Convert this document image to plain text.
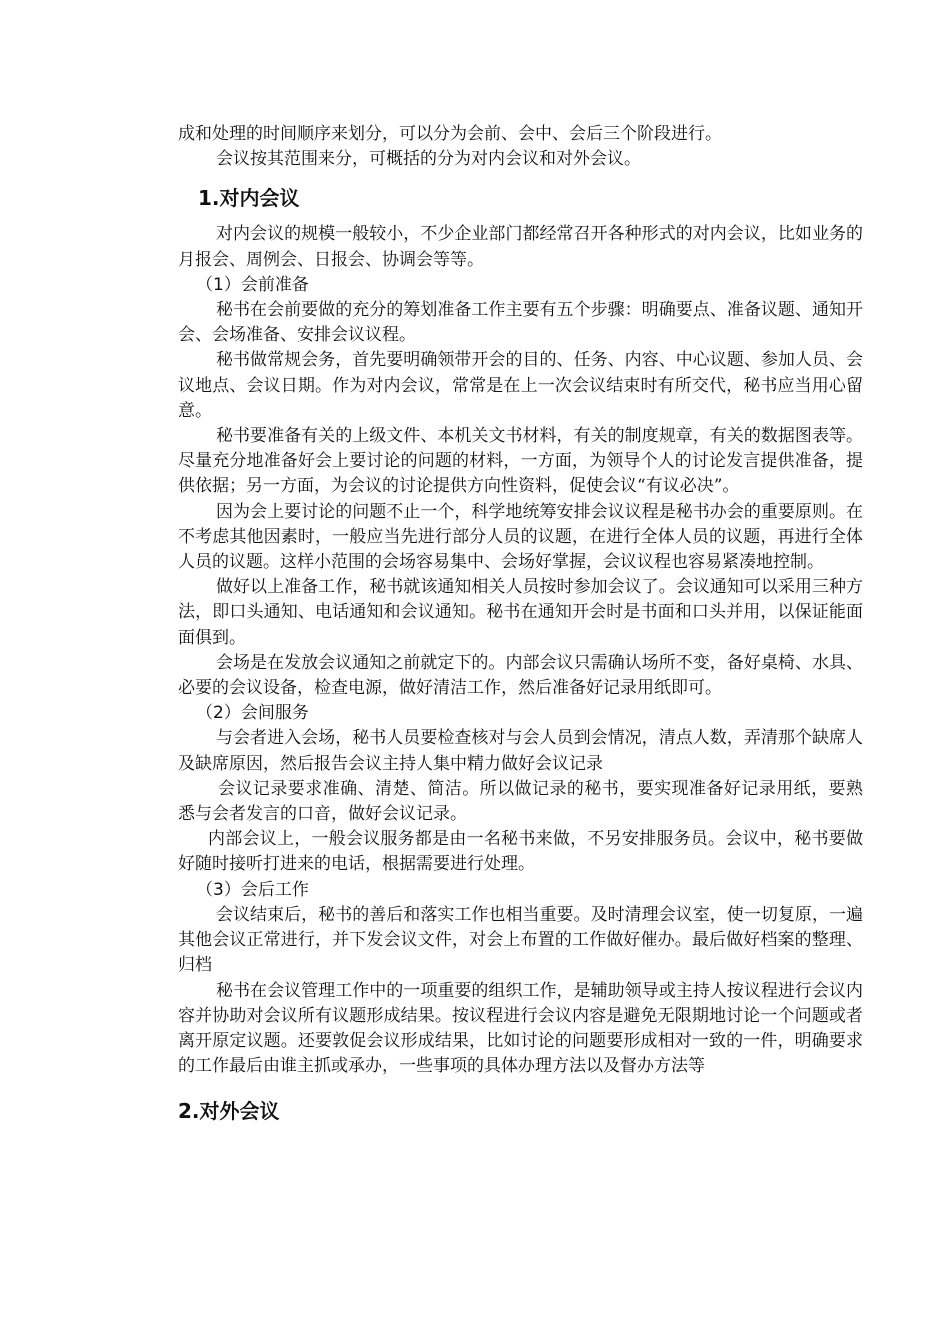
成和处理的时间顺序来划分，可以分为会前、会中、会后三个阶段进行。

会议按其范围来分，可概括的分为对内会议和对外会议。

1.对内会议

对内会议的规模一般较小，不少企业部门都经常召开各种形式的对内会议，比如业务的月报会、周例会、日报会、协调会等等。

（1）会前准备

秘书在会前要做的充分的筹划准备工作主要有五个步骤：明确要点、准备议题、通知开会、会场准备、安排会议议程。

秘书做常规会务，首先要明确领带开会的目的、任务、内容、中心议题、参加人员、会议地点、会议日期。作为对内会议，常常是在上一次会议结束时有所交代，秘书应当用心留意。

秘书要准备有关的上级文件、本机关文书材料，有关的制度规章，有关的数据图表等。尽量充分地准备好会上要讨论的问题的材料，一方面，为领导个人的讨论发言提供准备，提供依据；另一方面，为会议的讨论提供方向性资料，促使会议“有议必决”。

因为会上要讨论的问题不止一个，科学地统筹安排会议议程是秘书办会的重要原则。在不考虑其他因素时，一般应当先进行部分人员的议题，在进行全体人员的议题，再进行全体人员的议题。这样小范围的会场容易集中、会场好掌握，会议议程也容易紧凑地控制。

做好以上准备工作，秘书就该通知相关人员按时参加会议了。会议通知可以采用三种方法，即口头通知、电话通知和会议通知。秘书在通知开会时是书面和口头并用，以保证能面面俱到。

会场是在发放会议通知之前就定下的。内部会议只需确认场所不变，备好桌椅、水具、必要的会议设备，检查电源，做好清洁工作，然后准备好记录用纸即可。

（2）会间服务

与会者进入会场，秘书人员要检查核对与会人员到会情况，清点人数，弄清那个缺席人及缺席原因，然后报告会议主持人集中精力做好会议记录

会议记录要求准确、清楚、简洁。所以做记录的秘书，要实现准备好记录用纸，要熟悉与会者发言的口音，做好会议记录。

内部会议上，一般会议服务都是由一名秘书来做，不另安排服务员。会议中，秘书要做好随时接听打进来的电话，根据需要进行处理。

（3）会后工作

会议结束后，秘书的善后和落实工作也相当重要。及时清理会议室，使一切复原，一遍其他会议正常进行，并下发会议文件，对会上布置的工作做好催办。最后做好档案的整理、归档

秘书在会议管理工作中的一项重要的组织工作，是辅助领导或主持人按议程进行会议内容并协助对会议所有议题形成结果。按议程进行会议内容是避免无限期地讨论一个问题或者离开原定议题。还要敦促会议形成结果，比如讨论的问题要形成相对一致的一件，明确要求的工作最后由谁主抓或承办，一些事项的具体办理方法以及督办方法等

2.对外会议
